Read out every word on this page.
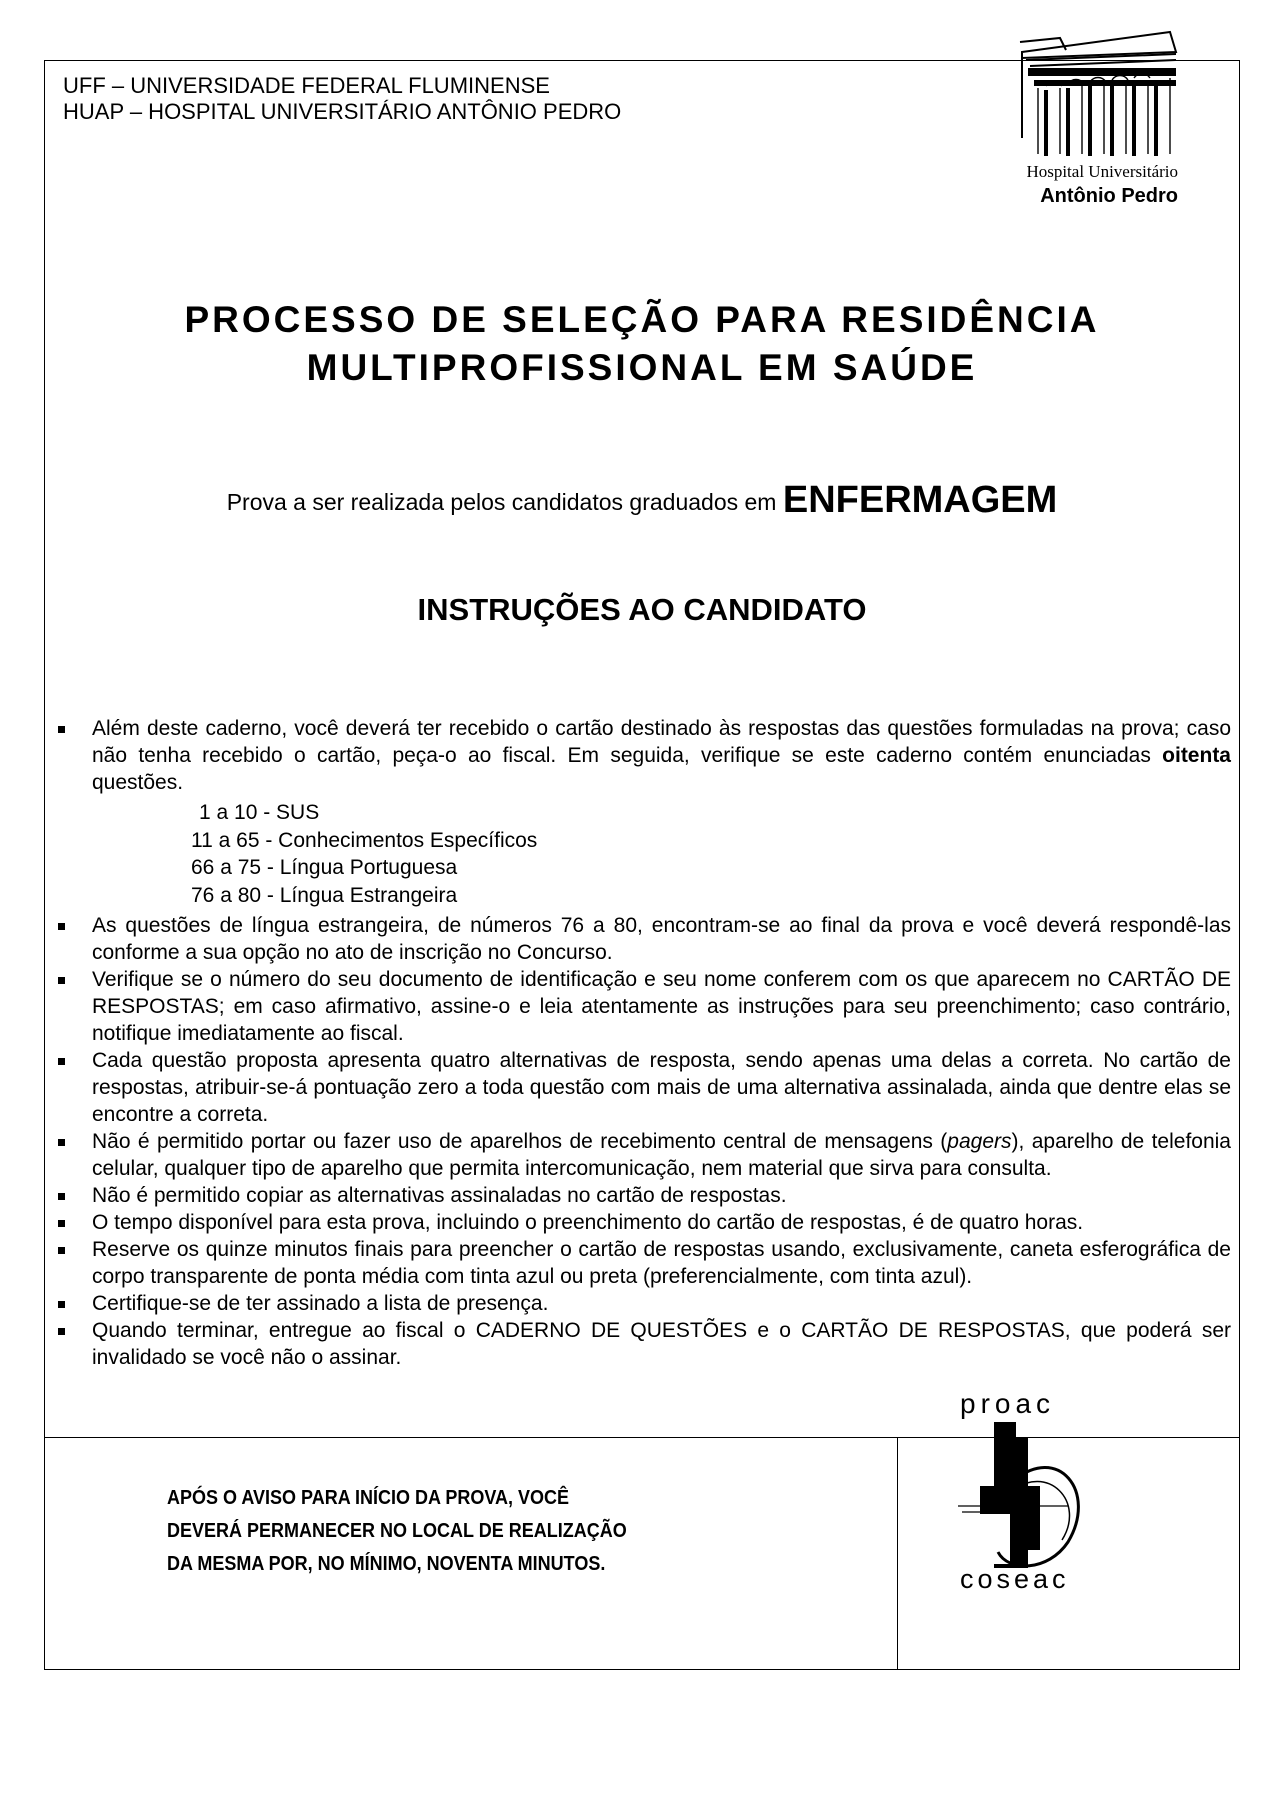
UFF – UNIVERSIDADE FEDERAL FLUMINENSE
HUAP – HOSPITAL UNIVERSITÁRIO ANTÔNIO PEDRO
PROCESSO DE SELEÇÃO PARA RESIDÊNCIA
MULTIPROFISSIONAL EM SAÚDE
Prova a ser realizada pelos candidatos graduados em ENFERMAGEM
INSTRUÇÕES AO CANDIDATO
Além deste caderno, você deverá ter recebido o cartão destinado às respostas das questões formuladas na prova; caso não tenha recebido o cartão, peça-o ao fiscal. Em seguida, verifique se este caderno contém enunciadas oitenta questões.
1 a 10 - SUS
11 a 65 - Conhecimentos Específicos
66 a 75 - Língua Portuguesa
76 a 80 - Língua Estrangeira
As questões de língua estrangeira, de números 76 a 80, encontram-se ao final da prova e você deverá respondê-las conforme a sua opção no ato de inscrição no Concurso.
Verifique se o número do seu documento de identificação e seu nome conferem com os que aparecem no CARTÃO DE RESPOSTAS; em caso afirmativo, assine-o e leia atentamente as instruções para seu preenchimento; caso contrário, notifique imediatamente ao fiscal.
Cada questão proposta apresenta quatro alternativas de resposta, sendo apenas uma delas a correta. No cartão de respostas, atribuir-se-á pontuação zero a toda questão com mais de uma alternativa assinalada, ainda que dentre elas se encontre a correta.
Não é permitido portar ou fazer uso de aparelhos de recebimento central de mensagens (pagers), aparelho de telefonia celular, qualquer tipo de aparelho que permita intercomunicação, nem material que sirva para consulta.
Não é permitido copiar as alternativas assinaladas no cartão de respostas.
O tempo disponível para esta prova, incluindo o preenchimento do cartão de respostas, é de quatro horas.
Reserve os quinze minutos finais para preencher o cartão de respostas usando, exclusivamente, caneta esferográfica de corpo transparente de ponta média com tinta azul ou preta (preferencialmente, com tinta azul).
Certifique-se de ter assinado a lista de presença.
Quando terminar, entregue ao fiscal o CADERNO DE QUESTÕES e o CARTÃO DE RESPOSTAS, que poderá ser invalidado se você não o assinar.
APÓS O AVISO PARA INÍCIO DA PROVA, VOCÊ
DEVERÁ PERMANECER NO LOCAL DE REALIZAÇÃO
DA MESMA POR, NO MÍNIMO, NOVENTA MINUTOS.
Hospital Universitário
Antônio Pedro
proac
coseac
